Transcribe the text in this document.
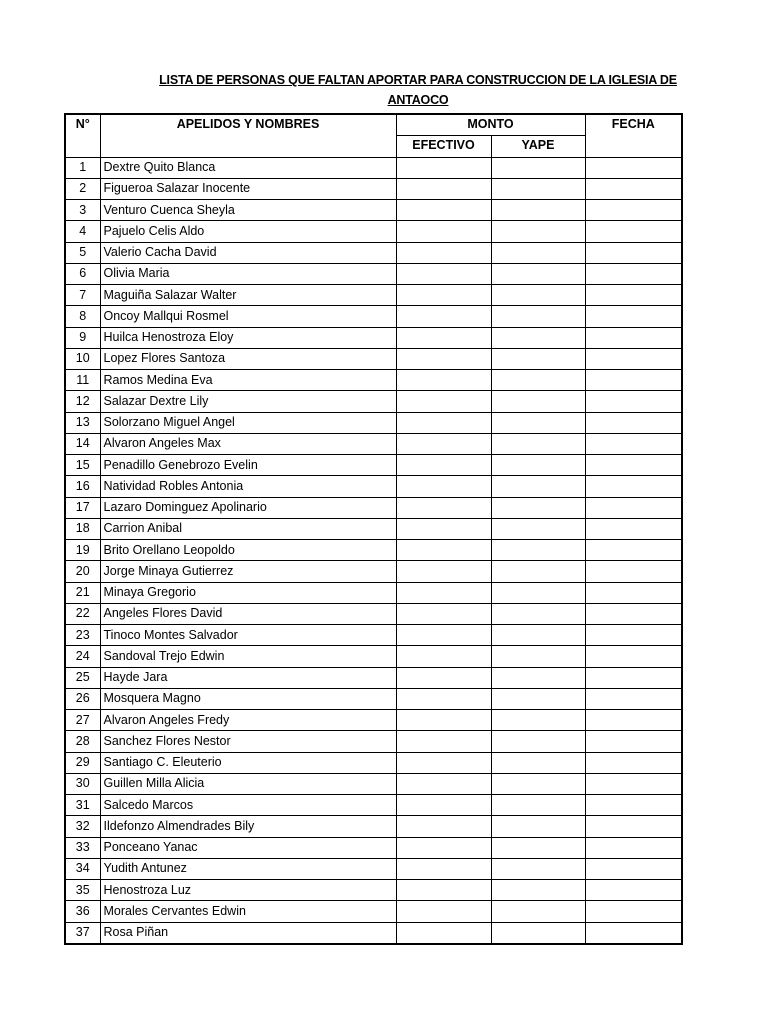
LISTA DE PERSONAS QUE FALTAN APORTAR PARA CONSTRUCCION DE LA IGLESIA DE
ANTAOCO
N°	APELIDOS Y NOMBRES	MONTO		FECHA
		EFECTIVO	YAPE	
1	Dextre Quito Blanca			
2	Figueroa Salazar Inocente			
3	Venturo Cuenca Sheyla			
4	Pajuelo Celis Aldo			
5	Valerio Cacha David			
6	Olivia Maria			
7	Maguiña Salazar Walter			
8	Oncoy Mallqui Rosmel			
9	Huilca Henostroza Eloy			
10	Lopez Flores Santoza			
11	Ramos Medina Eva			
12	Salazar Dextre Lily			
13	Solorzano Miguel Angel			
14	Alvaron Angeles Max			
15	Penadillo Genebrozo Evelin			
16	Natividad Robles Antonia			
17	Lazaro Dominguez Apolinario			
18	Carrion Anibal			
19	Brito Orellano Leopoldo			
20	Jorge Minaya Gutierrez			
21	Minaya Gregorio			
22	Angeles Flores David			
23	Tinoco Montes Salvador			
24	Sandoval Trejo Edwin			
25	Hayde Jara			
26	Mosquera Magno			
27	Alvaron Angeles Fredy			
28	Sanchez Flores Nestor			
29	Santiago C. Eleuterio			
30	Guillen Milla Alicia			
31	Salcedo Marcos			
32	Ildefonzo Almendrades Bily			
33	Ponceano Yanac			
34	Yudith Antunez			
35	Henostroza Luz			
36	Morales Cervantes Edwin			
37	Rosa Piñan			
